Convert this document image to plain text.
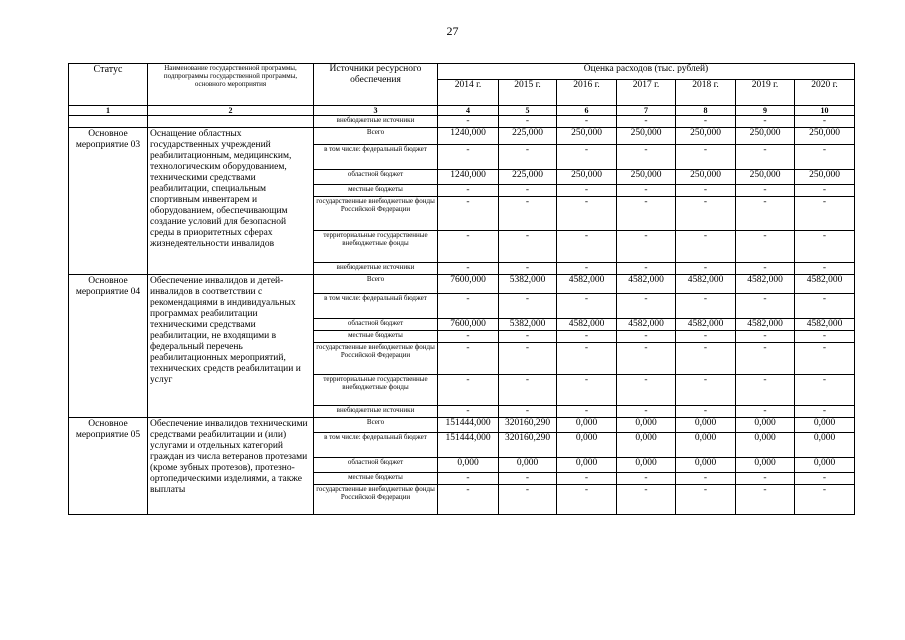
27
Статус	Наименование государственной программы, подпрограммы государственной программы, основного мероприятия	Источники ресурсного обеспечения	Оценка расходов (тыс. рублей)						
			2014 г.	2015 г.	2016 г.	2017 г.	2018 г.	2019 г.	2020 г.
1	2	3	4	5	6	7	8	9	10
		внебюджетные источники	-	-	-	-	-	-	-
Основное мероприятие 03	Оснащение областных государственных учреждений реабилитационным, медицинским, технологическим оборудованием, техническими средствами реабилитации, специальным спортивным инвентарем и оборудованием, обеспечивающим создание условий для безопасной среды в приоритетных сферах жизнедеятельности инвалидов	Всего	1240,000	225,000	250,000	250,000	250,000	250,000	250,000
		в том числе: федеральный бюджет	-	-	-	-	-	-	-
		областной бюджет	1240,000	225,000	250,000	250,000	250,000	250,000	250,000
		местные бюджеты	-	-	-	-	-	-	-
		государственные внебюджетные фонды Российской Федерации	-	-	-	-	-	-	-
		территориальные государственные внебюджетные фонды	-	-	-	-	-	-	-
		внебюджетные источники	-	-	-	-	-	-	-
Основное мероприятие 04	Обеспечение инвалидов и детей-инвалидов в соответствии с рекомендациями в индивидуальных программах реабилитации техническими средствами реабилитации, не входящими в федеральный перечень реабилитационных мероприятий, технических средств реабилитации и услуг	Всего	7600,000	5382,000	4582,000	4582,000	4582,000	4582,000	4582,000
		в том числе: федеральный бюджет	-	-	-	-	-	-	-
		областной бюджет	7600,000	5382,000	4582,000	4582,000	4582,000	4582,000	4582,000
		местные бюджеты	-	-	-	-	-	-	-
		государственные внебюджетные фонды Российской Федерации	-	-	-	-	-	-	-
		территориальные государственные внебюджетные фонды	-	-	-	-	-	-	-
		внебюджетные источники	-	-	-	-	-	-	-
Основное мероприятие 05	Обеспечение инвалидов техническими средствами реабилитации и (или) услугами и отдельных категорий граждан из числа ветеранов протезами (кроме зубных протезов), протезно-ортопедическими изделиями, а также выплаты	Всего	151444,000	320160,290	0,000	0,000	0,000	0,000	0,000
		в том числе: федеральный бюджет	151444,000	320160,290	0,000	0,000	0,000	0,000	0,000
		областной бюджет	0,000	0,000	0,000	0,000	0,000	0,000	0,000
		местные бюджеты	-	-	-	-	-	-	-
		государственные внебюджетные фонды Российской Федерации	-	-	-	-	-	-	-
